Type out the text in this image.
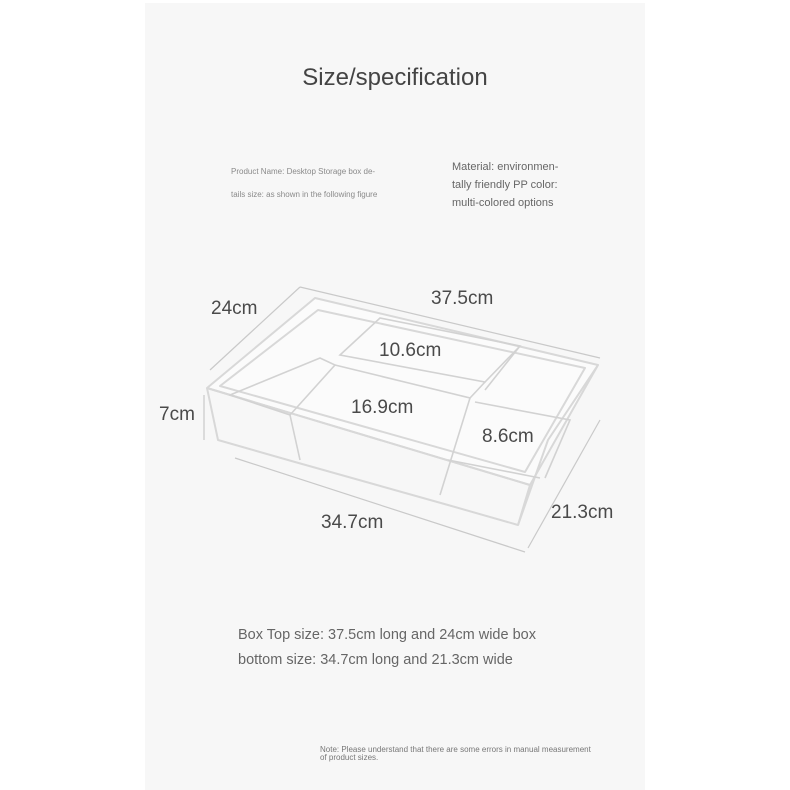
Size/specification
Product Name: Desktop Storage box de-
tails size: as shown in the following figure
Material: environmen-
tally friendly PP color:
multi-colored options
24cm	37.5cm
10.6cm
7cm	16.9cm
8.6cm
34.7cm	21.3cm
Box Top size: 37.5cm long and 24cm wide box
bottom size: 34.7cm long and 21.3cm wide
Note: Please understand that there are some errors in manual measurement
of product sizes.
